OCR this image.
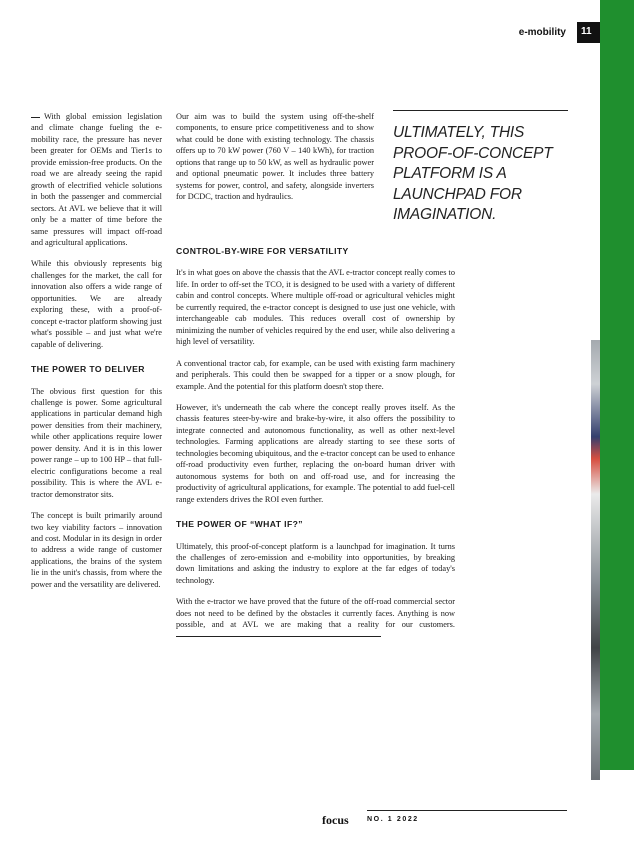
e-mobility 11

With global emission legislation and climate change fueling the e-mobility race, the pressure has never been greater for OEMs and Tier1s to provide emission-free products. On the road we are already seeing the rapid growth of electrified vehicle solutions in both the passenger and commercial sectors. At AVL we believe that it will only be a matter of time before the same pressures will impact off-road and agricultural applications.

While this obviously represents big challenges for the market, the call for innovation also offers a wide range of opportunities. We are already exploring these, with a proof-of-concept e-tractor platform showing just what's possible – and just what we're capable of delivering.

THE POWER TO DELIVER

The obvious first question for this challenge is power. Some agricultural applications in particular demand high power densities from their machinery, while other applications require lower power density. And it is in this lower power range – up to 100 HP – that full-electric configurations become a real possibility. This is where the AVL e-tractor demonstrator sits.

The concept is built primarily around two key viability factors – innovation and cost. Modular in its design in order to address a wide range of customer applications, the brains of the system lie in the unit's chassis, from where the power and the versatility are delivered.

Our aim was to build the system using off-the-shelf components, to ensure price competitiveness and to show what could be done with existing technology. The chassis offers up to 70 kW power (760 V – 140 kWh), for traction options that range up to 50 kW, as well as hydraulic power and optional pneumatic power. It includes three battery systems for power, control, and safety, alongside inverters for DCDC, traction and hydraulics.

ULTIMATELY, THIS PROOF-OF-CONCEPT PLATFORM IS A LAUNCHPAD FOR IMAGINATION.

CONTROL-BY-WIRE FOR VERSATILITY

It's in what goes on above the chassis that the AVL e-tractor concept really comes to life. In order to off-set the TCO, it is designed to be used with a variety of different cabin and control concepts. Where multiple off-road or agricultural vehicles might be currently required, the e-tractor concept is designed to use just one vehicle, with interchangeable cab modules. This reduces overall cost of ownership by minimizing the number of vehicles required by the end user, while also delivering a high level of versatility.

A conventional tractor cab, for example, can be used with existing farm machinery and peripherals. This could then be swapped for a tipper or a snow plough, for example. And the potential for this platform doesn't stop there.

However, it's underneath the cab where the concept really proves itself. As the chassis features steer-by-wire and brake-by-wire, it also offers the possibility to integrate connected and autonomous functionality, as well as other next-level technologies. Farming applications are already starting to see these sorts of technologies becoming ubiquitous, and the e-tractor concept can be used to enhance off-road productivity even further, replacing the on-board human driver with autonomous systems for both on and off-road use, and for increasing the productivity of agricultural applications, for example. The potential to add fuel-cell range extenders drives the ROI even further.

THE POWER OF “WHAT IF?”

Ultimately, this proof-of-concept platform is a launchpad for imagination. It turns the challenges of zero-emission and e-mobility into opportunities, by breaking down limitations and asking the industry to explore at the far edges of today's technology.

With the e-tractor we have proved that the future of the off-road commercial sector does not need to be defined by the obstacles it currently faces. Anything is now possible, and at AVL we are making that a reality for our customers.

focus	NO. 1 2022
